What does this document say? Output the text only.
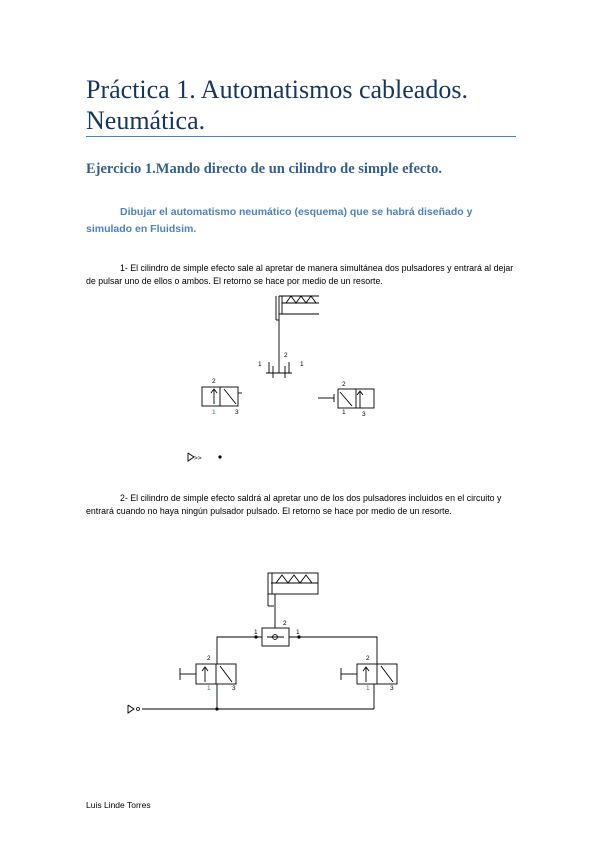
Práctica 1. Automatismos cableados. Neumática.
Ejercicio 1.Mando directo de un cilindro de simple efecto.

Dibujar el automatismo neumático (esquema) que se habrá diseñado y simulado en Fluidsim.

1- El cilindro de simple efecto sale al apretar de manera simultánea dos pulsadores y entrará al dejar de pulsar uno de ellos o ambos. El retorno se hace por medio de un resorte.

>>
2
1	1
2
1	3
2
1	3

2- El cilindro de simple efecto saldrá al apretar uno de los dos pulsadores incluidos en el circuito y entrará cuando no haya ningún pulsador pulsado. El retorno se hace por medio de un resorte.

2
1	1
2
1	3
2
1	3

Luis Linde Torres
